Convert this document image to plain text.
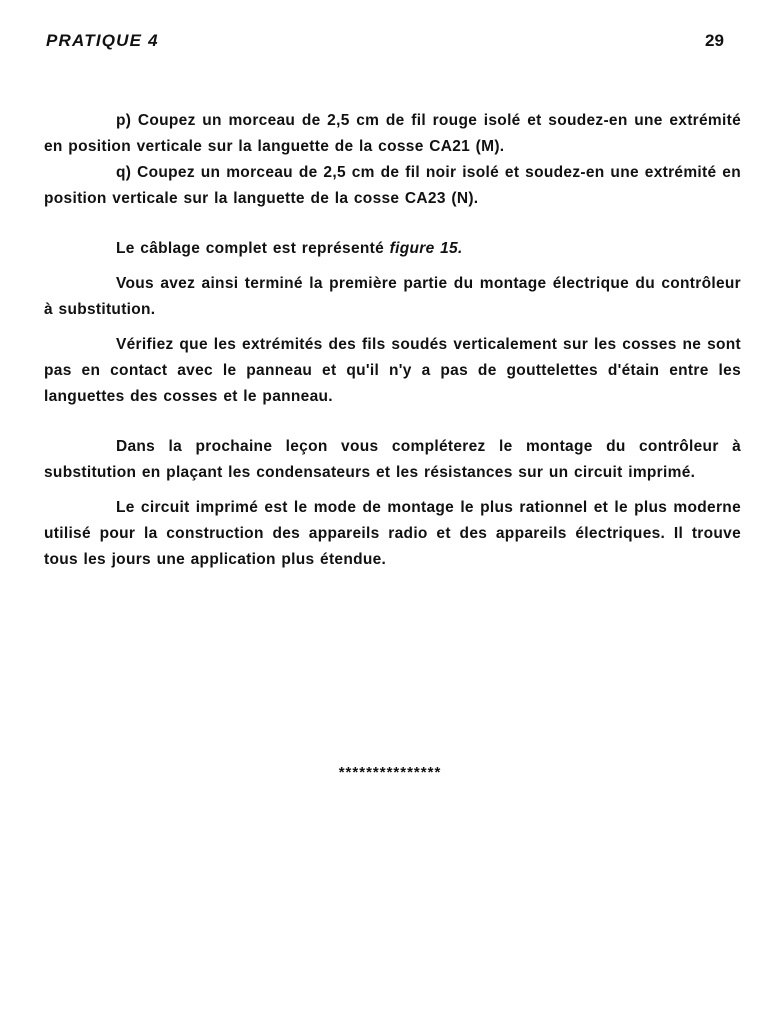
PRATIQUE 4	29

p) Coupez un morceau de 2,5 cm de fil rouge isolé et soudez-en une extrémité en position verticale sur la languette de la cosse CA21 (M).

q) Coupez un morceau de 2,5 cm de fil noir isolé et soudez-en une extrémité en position verticale sur la languette de la cosse CA23 (N).

Le câblage complet est représenté figure 15.

Vous avez ainsi terminé la première partie du montage électrique du contrôleur à substitution.

Vérifiez que les extrémités des fils soudés verticalement sur les cosses ne sont pas en contact avec le panneau et qu'il n'y a pas de gouttelettes d'étain entre les languettes des cosses et le panneau.

Dans la prochaine leçon vous compléterez le montage du contrôleur à substitution en plaçant les condensateurs et les résistances sur un circuit imprimé.

Le circuit imprimé est le mode de montage le plus rationnel et le plus moderne utilisé pour la construction des appareils radio et des appareils électriques. Il trouve tous les jours une application plus étendue.

***************
